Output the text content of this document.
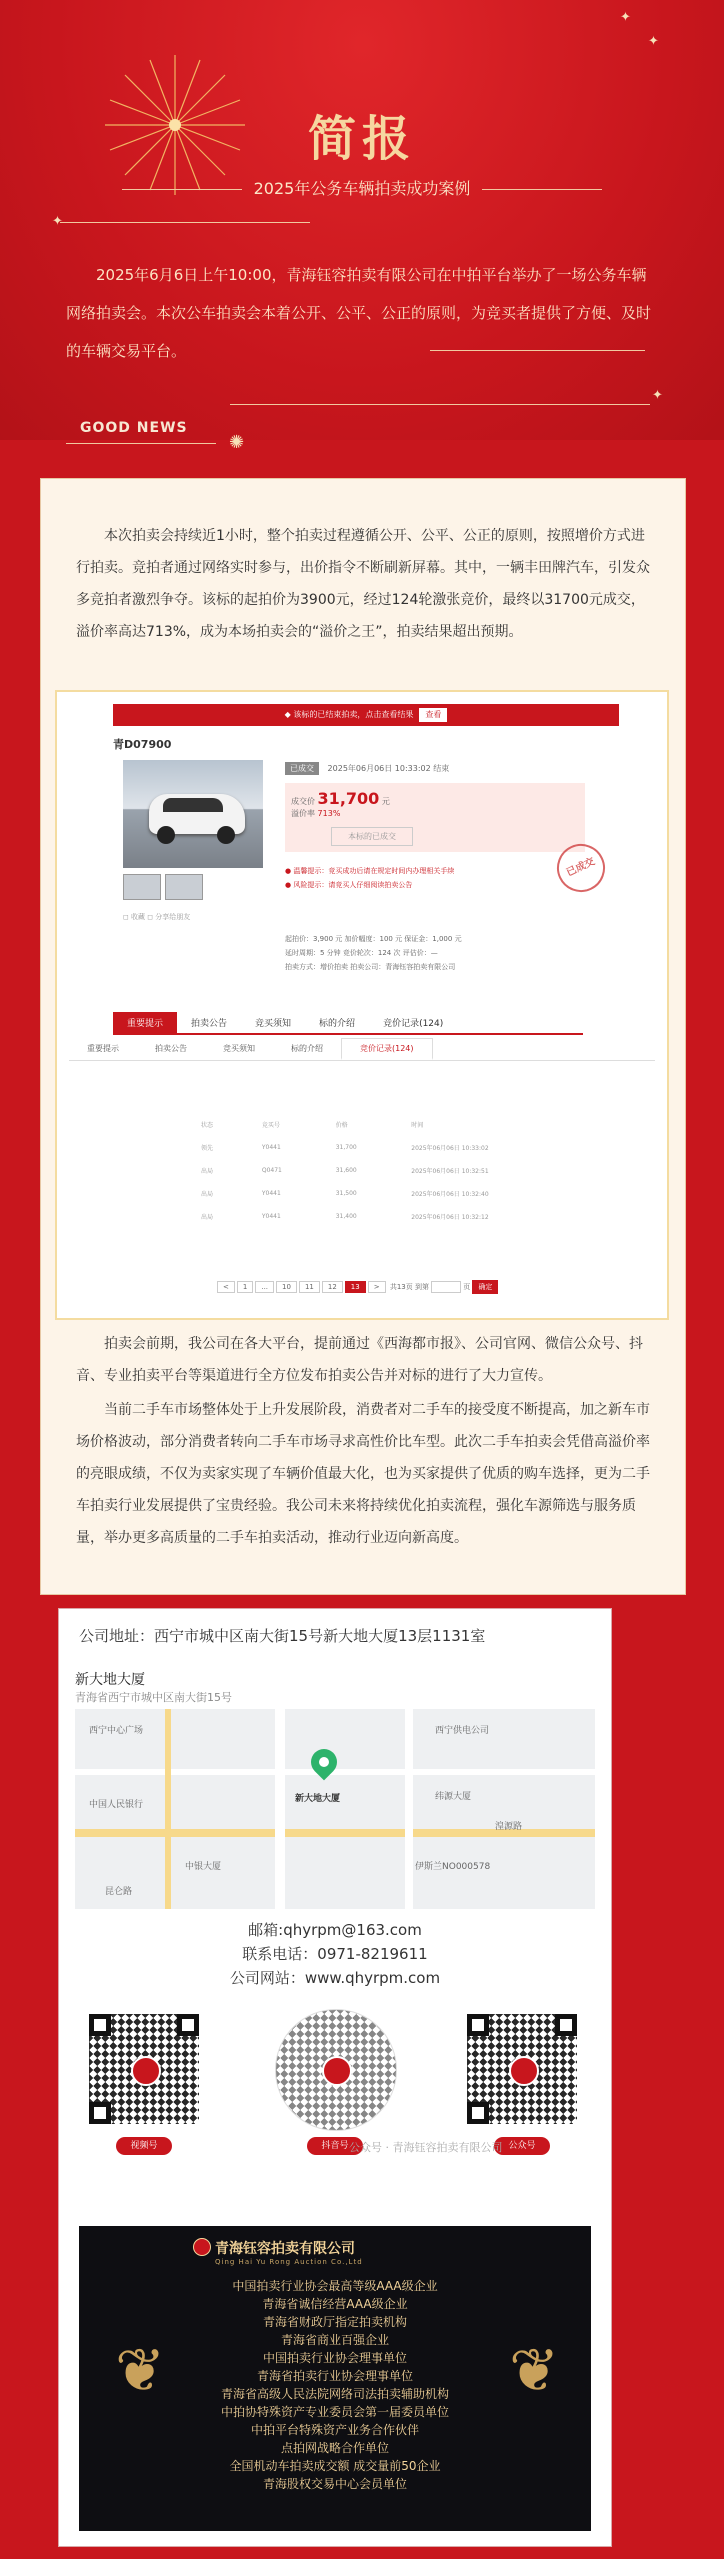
简报
2025年公务车辆拍卖成功案例
✦
✦
✦
2025年6月6日上午10:00，青海钰容拍卖有限公司在中拍平台举办了一场公务车辆网络拍卖会。本次公车拍卖会本着公开、公平、公正的原则，为竞买者提供了方便、及时的车辆交易平台。
✦
GOOD NEWS
✺
本次拍卖会持续近1小时，整个拍卖过程遵循公开、公平、公正的原则，按照增价方式进行拍卖。竞拍者通过网络实时参与，出价指令不断刷新屏幕。其中，一辆丰田牌汽车，引发众多竞拍者激烈争夺。该标的起拍价为3900元，经过124轮激张竞价，最终以31700元成交，溢价率高达713%，成为本场拍卖会的“溢价之王”，拍卖结果超出预期。
◆ 该标的已结束拍卖，点击查看结果 查看
青D07900
◻ 收藏 ◻ 分享给朋友
已成交 2025年06月06日 10:33:02 结束
成交价 31,700 元
溢价率 713%
本标的已成交
● 温馨提示：竞买成功后请在规定时间内办理相关手续
● 风险提示：请竞买人仔细阅读拍卖公告
已成交
起拍价：3,900 元 加价幅度：100 元 保证金：1,000 元
延时周期：5 分钟 竞价轮次：124 次 评估价：—
拍卖方式：增价拍卖 拍卖公司：青海钰容拍卖有限公司
重要提示	拍卖公告	竞买须知	标的介绍	竞价记录(124)
重要提示	拍卖公告	竞买须知	标的介绍	竞价记录(124)
状态	竞买号	价格	时间
领先	Y0441	31,700	2025年06月06日 10:33:02
出局	Q0471	31,600	2025年06月06日 10:32:51
出局	Y0441	31,500	2025年06月06日 10:32:40
出局	Y0441	31,400	2025年06月06日 10:32:12
< 1 ... 10 11 12 13 > 共13页 到第	页 确定
拍卖会前期，我公司在各大平台，提前通过《西海都市报》、公司官网、微信公众号、抖音、专业拍卖平台等渠道进行全方位发布拍卖公告并对标的进行了大力宣传。
当前二手车市场整体处于上升发展阶段，消费者对二手车的接受度不断提高，加之新车市场价格波动，部分消费者转向二手车市场寻求高性价比车型。此次二手车拍卖会凭借高溢价率的亮眼成绩，不仅为卖家实现了车辆价值最大化，也为买家提供了优质的购车选择，更为二手车拍卖行业发展提供了宝贵经验。我公司未来将持续优化拍卖流程，强化车源筛选与服务质量，举办更多高质量的二手车拍卖活动，推动行业迈向新高度。
公司地址：西宁市城中区南大街15号新大地大厦13层1131室
新大地大厦
青海省西宁市城中区南大街15号
西宁中心广场
中国人民银行
西宁供电公司
新大地大厦	纬源大厦
中银大厦	伊斯兰NO000578
湟源路
昆仑路
邮箱:qhyrpm@163.com
联系电话：0971-8219611
公司网站：www.qhyrpm.com
视频号	抖音号	公众号
公众号 · 青海钰容拍卖有限公司
❦	❦
青海钰容拍卖有限公司
Qing Hai Yu Rong Auction Co.,Ltd
中国拍卖行业协会最高等级AAA级企业
青海省诚信经营AAA级企业
青海省财政厅指定拍卖机构
青海省商业百强企业
中国拍卖行业协会理事单位
青海省拍卖行业协会理事单位
青海省高级人民法院网络司法拍卖辅助机构
中拍协特殊资产专业委员会第一届委员单位
中拍平台特殊资产业务合作伙伴
点拍网战略合作单位
全国机动车拍卖成交额 成交量前50企业
青海股权交易中心会员单位
